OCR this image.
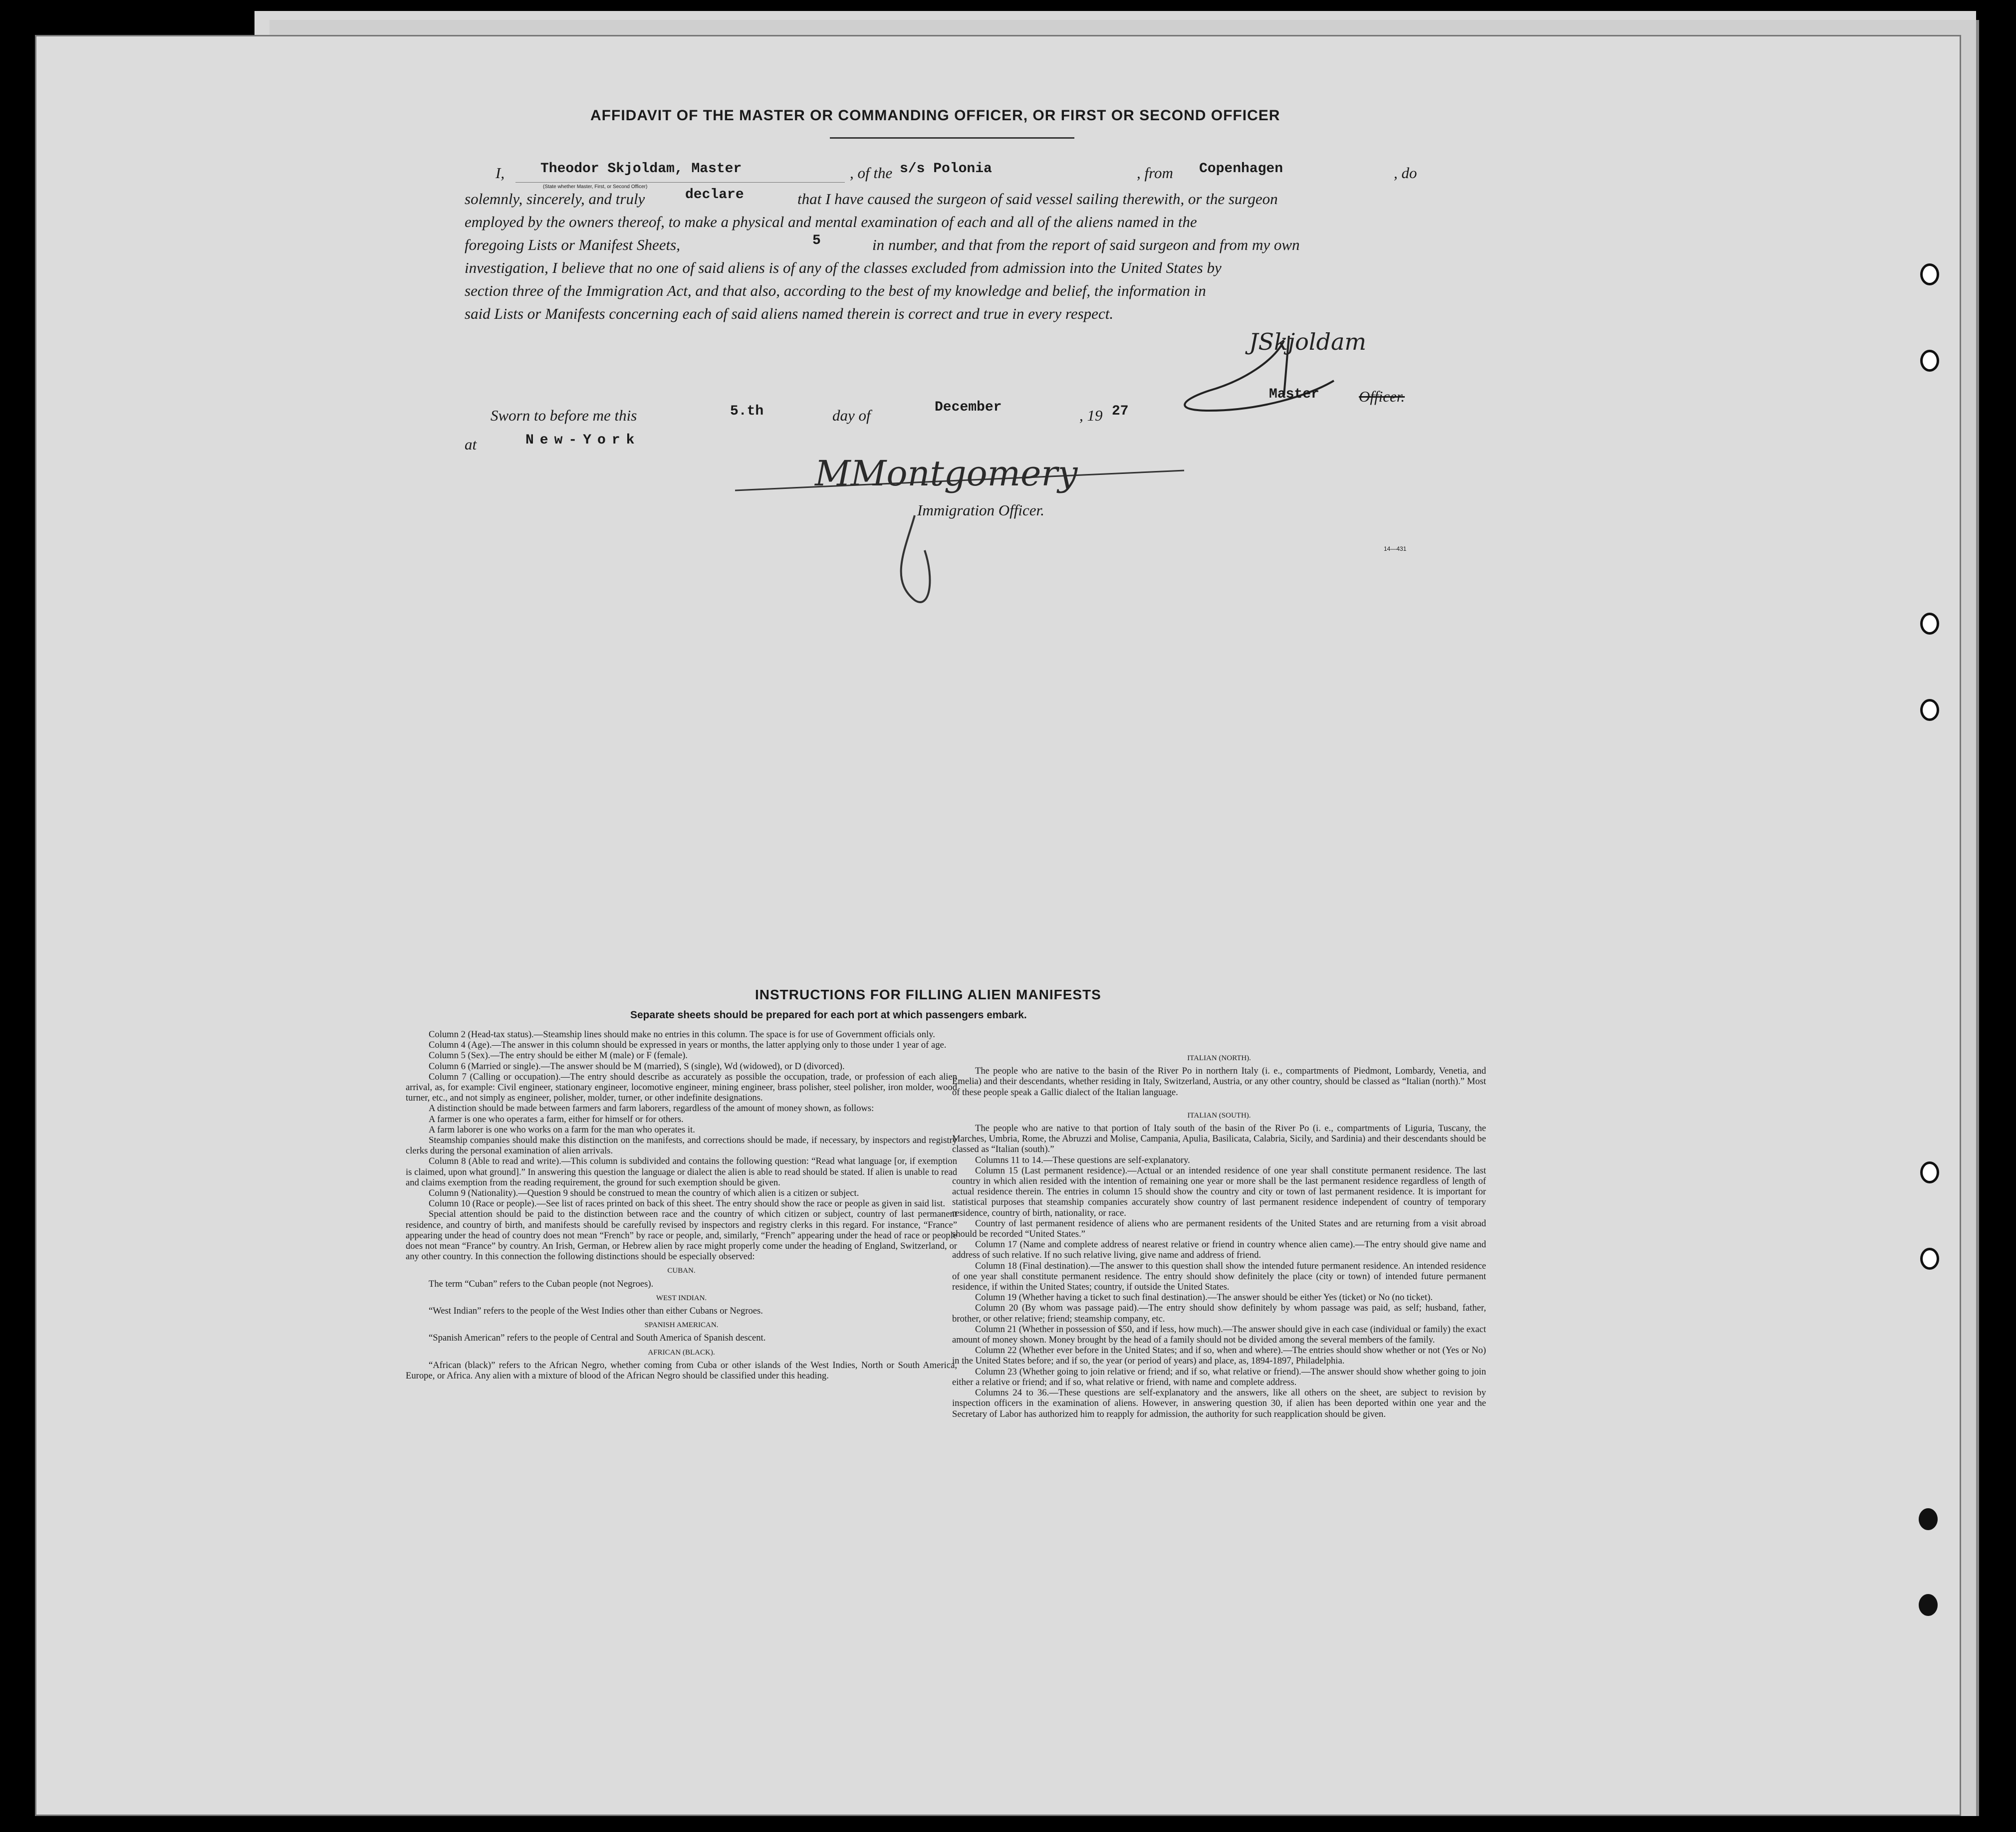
AFFIDAVIT OF THE MASTER OR COMMANDING OFFICER, OR FIRST OR SECOND OFFICER
I,	Theodor Skjoldam, Master
(State whether Master, First, or Second Officer)
, of the s/s Polonia	, from Copenhagen	, do
solemnly, sincerely, and truly	declare	that I have caused the surgeon of said vessel sailing therewith, or the surgeon
employed by the owners thereof, to make a physical and mental examination of each and all of the aliens named in the
foregoing Lists or Manifest Sheets,	5	in number, and that from the report of said surgeon and from my own
investigation, I believe that no one of said aliens is of any of the classes excluded from admission into the United States by
section three of the Immigration Act, and that also, according to the best of my knowledge and belief, the information in
said Lists or Manifests concerning each of said aliens named therein is correct and true in every respect.
JSkjoldam
Master	Officer.
Sworn to before me this	5.th	day of	December	, 19 27
at	New-York
MMontgomery
Immigration Officer.
14—431
INSTRUCTIONS FOR FILLING ALIEN MANIFESTS
Separate sheets should be prepared for each port at which passengers embark.

Column 2 (Head-tax status).—Steamship lines should make no entries in this column. The space is for use of Government officials only.

Column 4 (Age).—The answer in this column should be expressed in years or months, the latter applying only to those under 1 year of age.

Column 5 (Sex).—The entry should be either M (male) or F (female).

Column 6 (Married or single).—The answer should be M (married), S (single), Wd (widowed), or D (divorced).

Column 7 (Calling or occupation).—The entry should describe as accurately as possible the occupation, trade, or profession of each alien arrival, as, for example: Civil engineer, stationary engineer, locomotive engineer, mining engineer, brass polisher, steel polisher, iron molder, wood turner, etc., and not simply as engineer, polisher, molder, turner, or other indefinite designations.

A distinction should be made between farmers and farm laborers, regardless of the amount of money shown, as follows:

A farmer is one who operates a farm, either for himself or for others.

A farm laborer is one who works on a farm for the man who operates it.

Steamship companies should make this distinction on the manifests, and corrections should be made, if necessary, by inspectors and registry clerks during the personal examination of alien arrivals.

Column 8 (Able to read and write).—This column is subdivided and contains the following question: “Read what language [or, if exemption is claimed, upon what ground].” In answering this question the language or dialect the alien is able to read should be stated. If alien is unable to read and claims exemption from the reading requirement, the ground for such exemption should be given.

Column 9 (Nationality).—Question 9 should be construed to mean the country of which alien is a citizen or subject.

Column 10 (Race or people).—See list of races printed on back of this sheet. The entry should show the race or people as given in said list.

Special attention should be paid to the distinction between race and the country of which citizen or subject, country of last permanent residence, and country of birth, and manifests should be carefully revised by inspectors and registry clerks in this regard. For instance, “France” appearing under the head of country does not mean “French” by race or people, and, similarly, “French” appearing under the head of race or people does not mean “France” by country. An Irish, German, or Hebrew alien by race might properly come under the heading of England, Switzerland, or any other country. In this connection the following distinctions should be especially observed:

CUBAN.

The term “Cuban” refers to the Cuban people (not Negroes).

WEST INDIAN.

“West Indian” refers to the people of the West Indies other than either Cubans or Negroes.

SPANISH AMERICAN.

“Spanish American” refers to the people of Central and South America of Spanish descent.

AFRICAN (BLACK).

“African (black)” refers to the African Negro, whether coming from Cuba or other islands of the West Indies, North or South America, Europe, or Africa. Any alien with a mixture of blood of the African Negro should be classified under this heading.

ITALIAN (NORTH).

The people who are native to the basin of the River Po in northern Italy (i. e., compartments of Piedmont, Lombardy, Venetia, and Emelia) and their descendants, whether residing in Italy, Switzerland, Austria, or any other country, should be classed as “Italian (north).” Most of these people speak a Gallic dialect of the Italian language.

ITALIAN (SOUTH).

The people who are native to that portion of Italy south of the basin of the River Po (i. e., compartments of Liguria, Tuscany, the Marches, Umbria, Rome, the Abruzzi and Molise, Campania, Apulia, Basilicata, Calabria, Sicily, and Sardinia) and their descendants should be classed as “Italian (south).”

Columns 11 to 14.—These questions are self-explanatory.

Column 15 (Last permanent residence).—Actual or an intended residence of one year shall constitute permanent residence. The last country in which alien resided with the intention of remaining one year or more shall be the last permanent residence regardless of length of actual residence therein. The entries in column 15 should show the country and city or town of last permanent residence. It is important for statistical purposes that steamship companies accurately show country of last permanent residence independent of country of temporary residence, country of birth, nationality, or race.

Country of last permanent residence of aliens who are permanent residents of the United States and are returning from a visit abroad should be recorded “United States.”

Column 17 (Name and complete address of nearest relative or friend in country whence alien came).—The entry should give name and address of such relative. If no such relative living, give name and address of friend.

Column 18 (Final destination).—The answer to this question shall show the intended future permanent residence. An intended residence of one year shall constitute permanent residence. The entry should show definitely the place (city or town) of intended future permanent residence, if within the United States; country, if outside the United States.

Column 19 (Whether having a ticket to such final destination).—The answer should be either Yes (ticket) or No (no ticket).

Column 20 (By whom was passage paid).—The entry should show definitely by whom passage was paid, as self; husband, father, brother, or other relative; friend; steamship company, etc.

Column 21 (Whether in possession of $50, and if less, how much).—The answer should give in each case (individual or family) the exact amount of money shown. Money brought by the head of a family should not be divided among the several members of the family.

Column 22 (Whether ever before in the United States; and if so, when and where).—The entries should show whether or not (Yes or No) in the United States before; and if so, the year (or period of years) and place, as, 1894-1897, Philadelphia.

Column 23 (Whether going to join relative or friend; and if so, what relative or friend).—The answer should show whether going to join either a relative or friend; and if so, what relative or friend, with name and complete address.

Columns 24 to 36.—These questions are self-explanatory and the answers, like all others on the sheet, are subject to revision by inspection officers in the examination of aliens. However, in answering question 30, if alien has been deported within one year and the Secretary of Labor has authorized him to reapply for admission, the authority for such reapplication should be given.
